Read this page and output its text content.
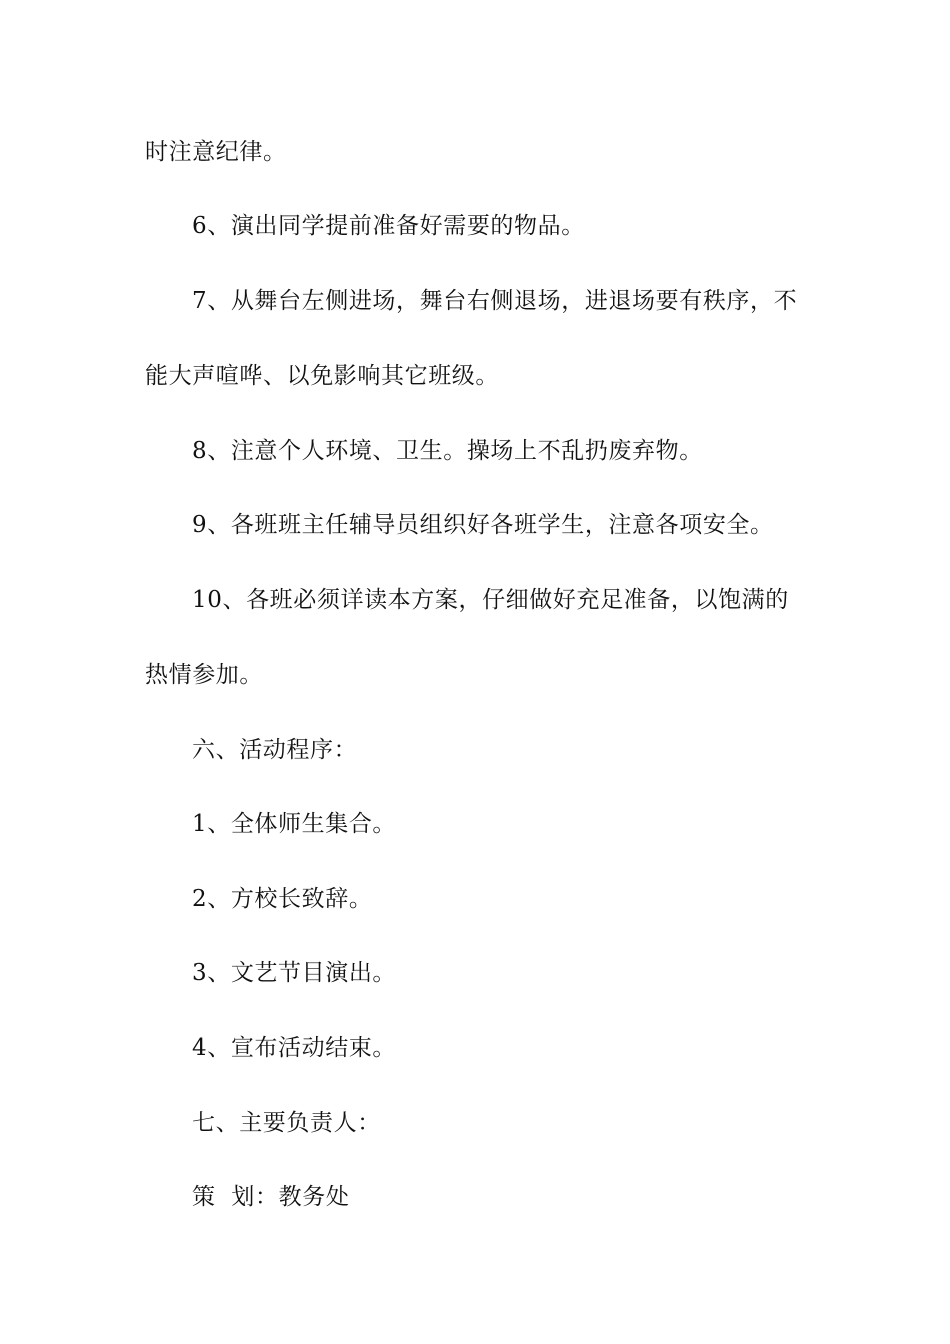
时注意纪律。
6、演出同学提前准备好需要的物品。
7、从舞台左侧进场，舞台右侧退场，进退场要有秩序，不
能大声喧哗、以免影响其它班级。
8、注意个人环境、卫生。操场上不乱扔废弃物。
9、各班班主任辅导员组织好各班学生，注意各项安全。
10、各班必须详读本方案，仔细做好充足准备，以饱满的
热情参加。
六、活动程序：
1、全体师生集合。
2、方校长致辞。
3、文艺节目演出。
4、宣布活动结束。
七、主要负责人：
策  划：教务处
